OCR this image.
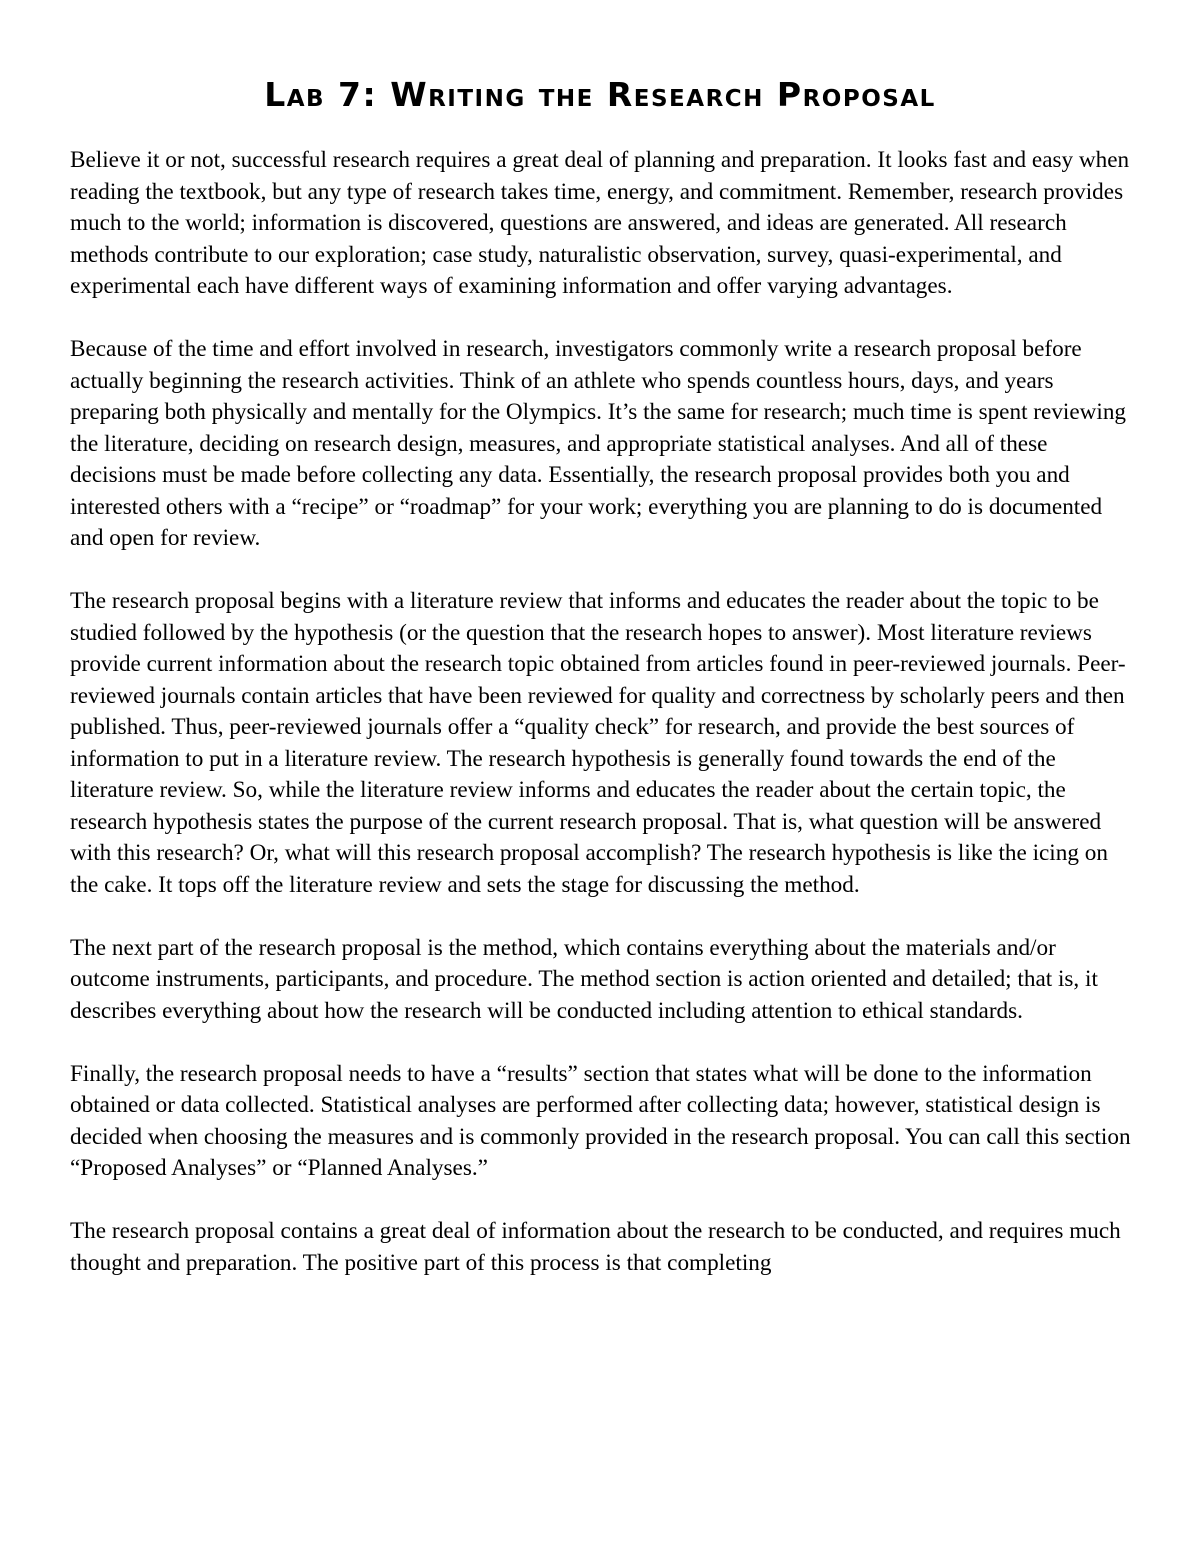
Lab 7: Writing the Research Proposal

Believe it or not, successful research requires a great deal of planning and preparation. It looks fast and easy when reading the textbook, but any type of research takes time, energy, and commitment. Remember, research provides much to the world; information is discovered, questions are answered, and ideas are generated. All research methods contribute to our exploration; case study, naturalistic observation, survey, quasi-experimental, and experimental each have different ways of examining information and offer varying advantages.

Because of the time and effort involved in research, investigators commonly write a research proposal before actually beginning the research activities. Think of an athlete who spends countless hours, days, and years preparing both physically and mentally for the Olympics. It’s the same for research; much time is spent reviewing the literature, deciding on research design, measures, and appropriate statistical analyses. And all of these decisions must be made before collecting any data. Essentially, the research proposal provides both you and interested others with a “recipe” or “roadmap” for your work; everything you are planning to do is documented and open for review.

The research proposal begins with a literature review that informs and educates the reader about the topic to be studied followed by the hypothesis (or the question that the research hopes to answer). Most literature reviews provide current information about the research topic obtained from articles found in peer-reviewed journals. Peer-reviewed journals contain articles that have been reviewed for quality and correctness by scholarly peers and then published. Thus, peer-reviewed journals offer a “quality check” for research, and provide the best sources of information to put in a literature review. The research hypothesis is generally found towards the end of the literature review. So, while the literature review informs and educates the reader about the certain topic, the research hypothesis states the purpose of the current research proposal. That is, what question will be answered with this research? Or, what will this research proposal accomplish? The research hypothesis is like the icing on the cake. It tops off the literature review and sets the stage for discussing the method.

The next part of the research proposal is the method, which contains everything about the materials and/or outcome instruments, participants, and procedure. The method section is action oriented and detailed; that is, it describes everything about how the research will be conducted including attention to ethical standards.

Finally, the research proposal needs to have a “results” section that states what will be done to the information obtained or data collected. Statistical analyses are performed after collecting data; however, statistical design is decided when choosing the measures and is commonly provided in the research proposal. You can call this section “Proposed Analyses” or “Planned Analyses.”

The research proposal contains a great deal of information about the research to be conducted, and requires much thought and preparation. The positive part of this process is that completing
